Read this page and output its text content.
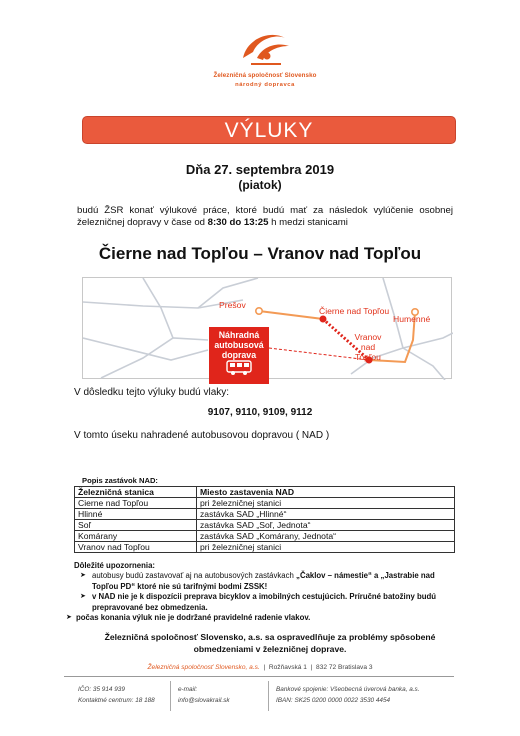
Železničná spoločnosť Slovensko
národný dopravca
VÝLUKY
Dňa 27. septembra 2019
(piatok)
budú ŽSR konať výlukové práce, ktoré budú mať za následok vylúčenie osobnej železničnej dopravy v čase od 8:30 do 13:25 h medzi stanicami
Čierne nad Topľou – Vranov nad Topľou
Prešov
Čierne nad Topľou
Vranov
nad
Topľou
Humenné
Náhradná
autobusová
doprava
V dôsledku tejto výluky budú vlaky:
9107, 9110, 9109, 9112
V tomto úseku nahradené autobusovou dopravou ( NAD )
Popis zastávok NAD:
Železničná stanica	Miesto zastavenia NAD
Cierne nad Topľou	pri železničnej stanici
Hlinné	zastávka SAD „Hlinné“
Soľ	zastávka SAD „Soľ, Jednota“
Komárany	zastávka SAD „Komárany, Jednota“
Vranov nad Topľou	pri železničnej stanici
Dôležité upozornenia:
➤ autobusy budú zastavovať aj na autobusových zastávkach „Čaklov – námestie“ a „Jastrabie nad Topľou PD“ ktoré nie sú tarifnými bodmi ZSSK!
➤ v NAD nie je k dispozícii preprava bicyklov a imobilných cestujúcich. Príručné batožiny budú prepravované bez obmedzenia.
➤ počas konania výluk nie je dodržané pravidelné radenie vlakov.
Železničná spoločnosť Slovensko, a.s. sa ospravedlňuje za problémy spôsobené obmedzeniami v železničnej doprave.
Železničná spoločnosť Slovensko, a.s.  |  Rožňavská 1  |  832 72 Bratislava 3
IČO: 35 914 939
Kontaktné centrum: 18 188
e-mail:
info@slovakrail.sk
Bankové spojenie: Všeobecná úverová banka, a.s.
IBAN: SK25 0200 0000 0022 3530 4454
